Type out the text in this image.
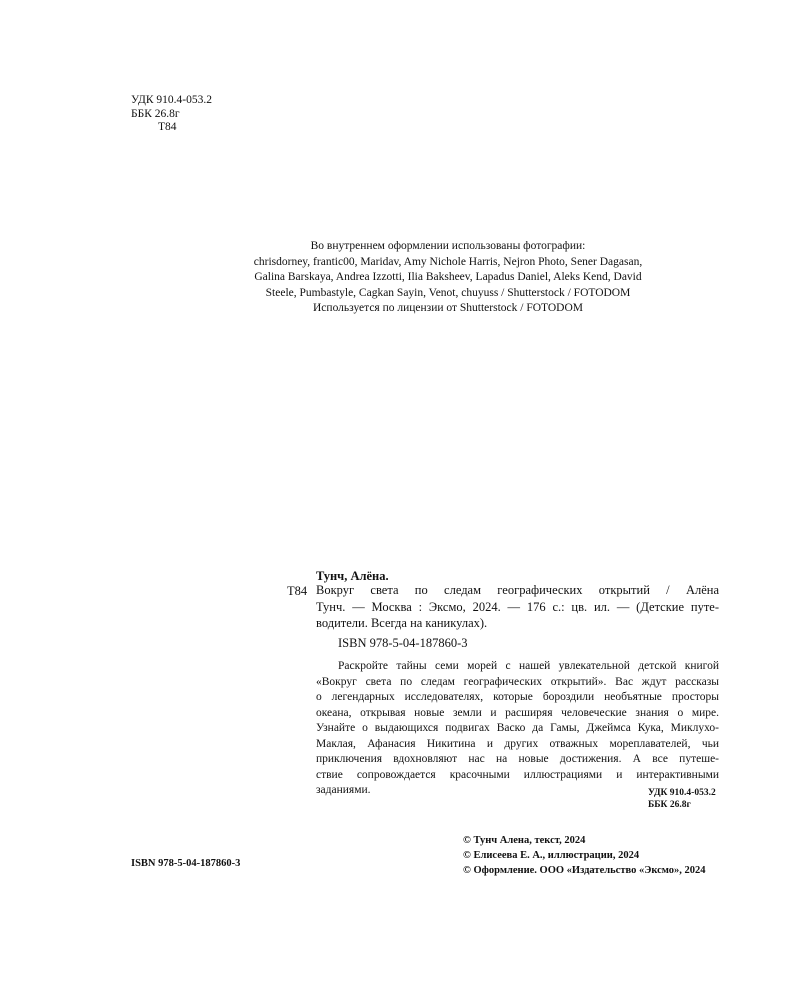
УДК 910.4-053.2
ББК 26.8г
Т84
Во внутреннем оформлении использованы фотографии:
chrisdorney, frantic00, Maridav, Amy Nichole Harris, Nejron Photo, Sener Dagasan,
Galina Barskaya, Andrea Izzotti, Ilia Baksheev, Lapadus Daniel, Aleks Kend, David
Steele, Pumbastyle, Cagkan Sayin, Venot, chuyuss / Shutterstock / FOTODOM
Используется по лицензии от Shutterstock / FOTODOM
Тунч, Алёна.
Т84 Вокруг света по следам географических открытий / Алёна
Тунч. — Москва : Эксмо, 2024. — 176 с.: цв. ил. — (Детские путе-
водители. Всегда на каникулах).
ISBN 978-5-04-187860-3
Раскройте тайны семи морей с нашей увлекательной детской книгой
«Вокруг света по следам географических открытий». Вас ждут рассказы
о легендарных исследователях, которые бороздили необъятные просторы
океана, открывая новые земли и расширяя человеческие знания о мире.
Узнайте о выдающихся подвигах Васко да Гамы, Джеймса Кука, Миклухо-
Маклая, Афанасия Никитина и других отважных мореплавателей, чьи
приключения вдохновляют нас на новые достижения. А все путеше-
ствие сопровождается красочными иллюстрациями и интерактивными
заданиями.	УДК 910.4-053.2
ББК 26.8г
© Тунч Алена, текст, 2024
© Елисеева Е. А., иллюстрации, 2024
© Оформление. ООО «Издательство «Эксмо», 2024
ISBN 978-5-04-187860-3
